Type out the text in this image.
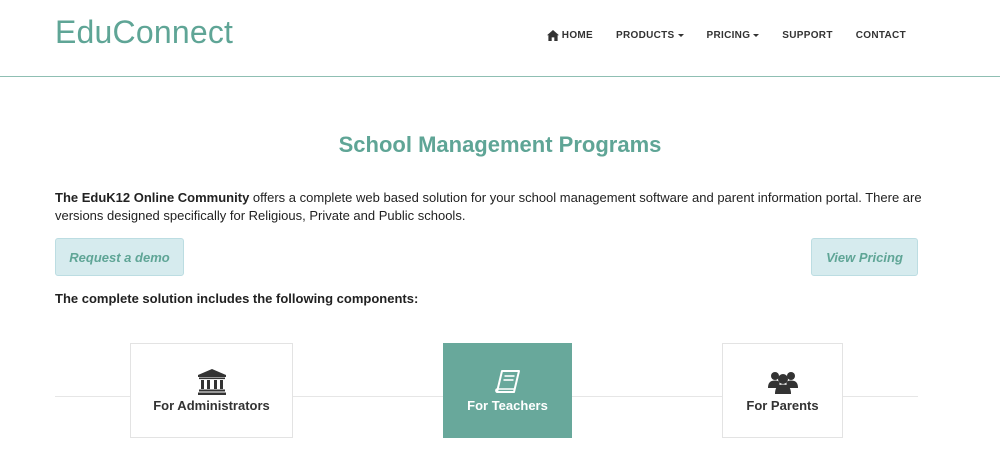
EduConnect	HOME PRODUCTS	PRICING	SUPPORT CONTACT
School Management Programs
The EduK12 Online Community offers a complete web based solution for your school management software and parent information portal. There are versions designed specifically for Religious, Private and Public schools.
Request a demo	View Pricing
The complete solution includes the following components:
For Administrators	For Teachers	For Parents
